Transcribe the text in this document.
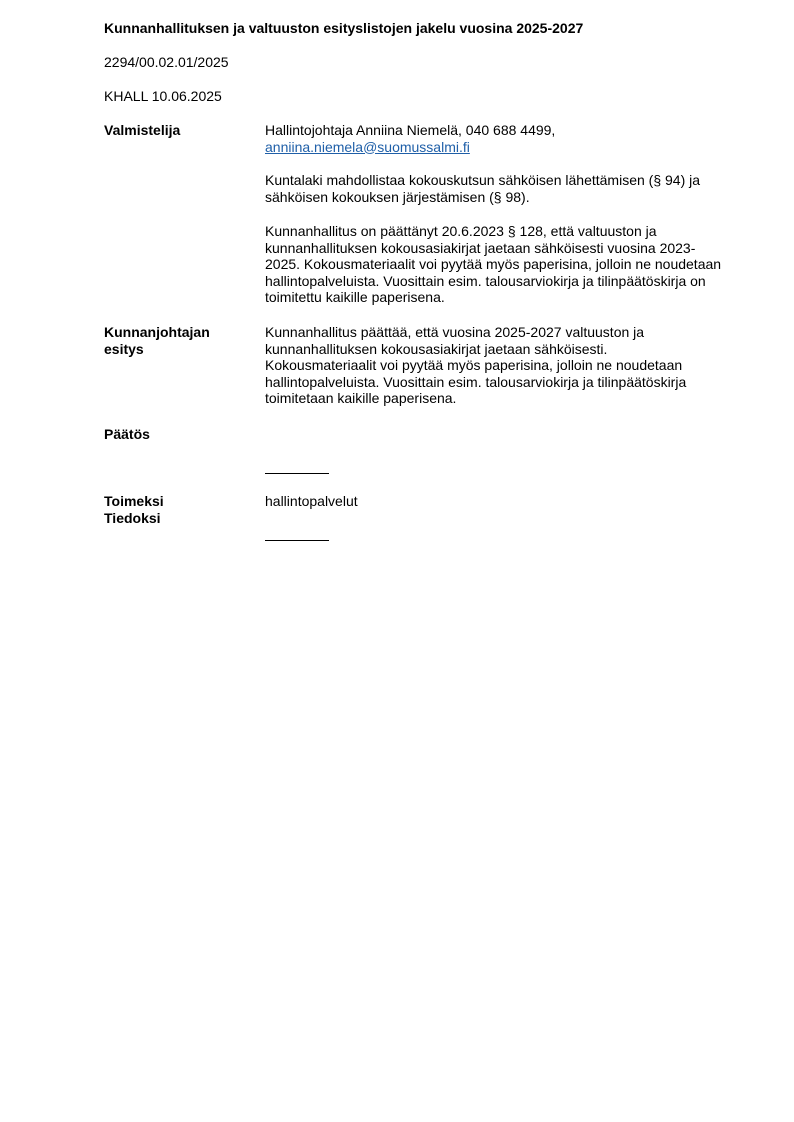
Kunnanhallituksen ja valtuuston esityslistojen jakelu vuosina 2025-2027
2294/00.02.01/2025
KHALL 10.06.2025
Valmistelija	Hallintojohtaja Anniina Niemelä, 040 688 4499,

anniina.niemela@suomussalmi.fi

Kuntalaki mahdollistaa kokouskutsun sähköisen lähettämisen (§ 94) ja sähköisen kokouksen järjestämisen (§ 98).
Kunnanhallitus on päättänyt 20.6.2023 § 128, että valtuuston ja kunnanhallituksen kokousasiakirjat jaetaan sähköisesti vuosina 2023-2025. Kokousmateriaalit voi pyytää myös paperisina, jolloin ne noudetaan hallintopalveluista. Vuosittain esim. talousarviokirja ja tilinpäätöskirja on toimitettu kaikille paperisena.
Kunnanjohtajan
esitys
Kunnanhallitus päättää, että vuosina 2025-2027 valtuuston ja kunnanhallituksen kokousasiakirjat jaetaan sähköisesti. Kokousmateriaalit voi pyytää myös paperisina, jolloin ne noudetaan hallintopalveluista. Vuosittain esim. talousarviokirja ja tilinpäätöskirja toimitetaan kaikille paperisena.
Päätös
Toimeksi
Tiedoksi
hallintopalvelut
